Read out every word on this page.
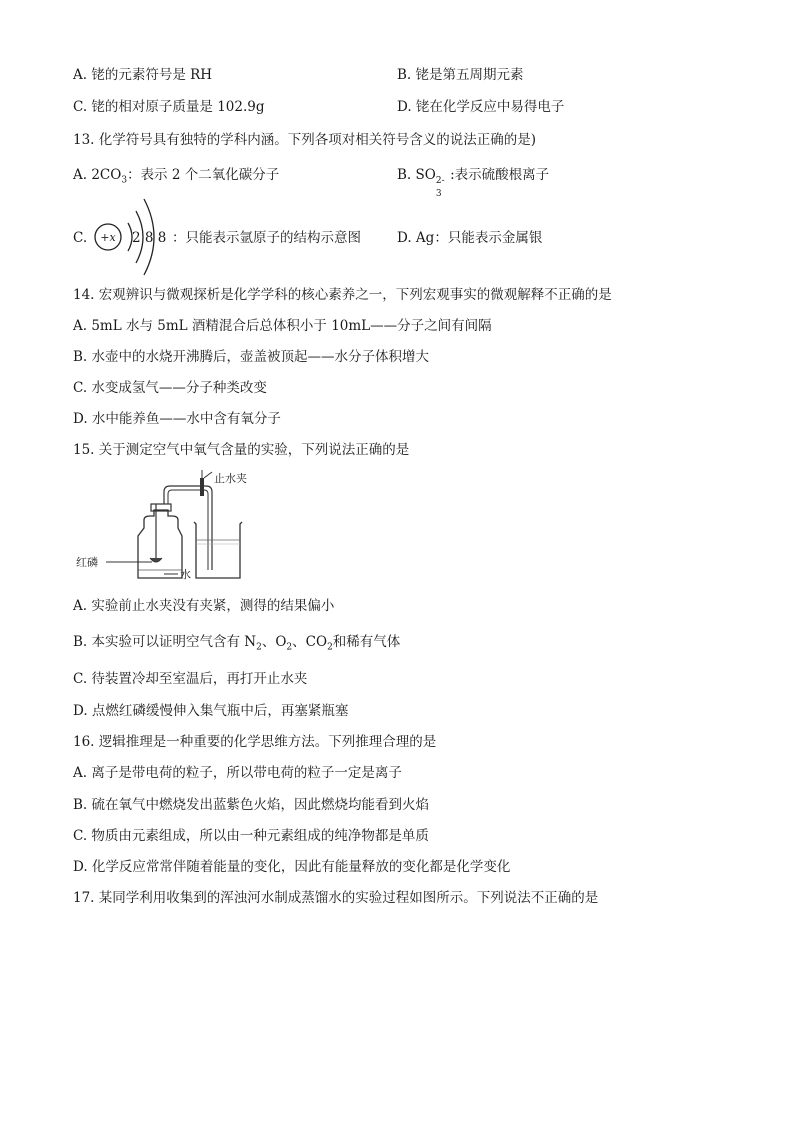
A. 铑的元素符号是 RH	B. 铑是第五周期元素
C. 铑的相对原子质量是 102.9g	D. 铑在化学反应中易得电子
13. 化学符号具有独特的学科内涵。下列各项对相关符号含义的说法正确的是)
A. $2CO_3$：表示 2 个二氧化碳分子	B. SO 2-
3
:表示硫酸根离子
C. +x 2 8 8 ：只能表示氩原子的结构示意图	D. Ag：只能表示金属银
14. 宏观辨识与微观探析是化学学科的核心素养之一，下列宏观事实的微观解释不正确的是
A. 5mL 水与 5mL 酒精混合后总体积小于 10mL——分子之间有间隔
B. 水壶中的水烧开沸腾后，壶盖被顶起——水分子体积增大
C. 水变成氢气——分子种类改变
D. 水中能养鱼——水中含有氧分子
15. 关于测定空气中氧气含量的实验，下列说法正确的是
止水夹
红磷
水
A. 实验前止水夹没有夹紧，测得的结果偏小
B. 本实验可以证明空气含有 $N_2$、$O_2$、$CO_2$和稀有气体
C. 待装置冷却至室温后，再打开止水夹
D. 点燃红磷缓慢伸入集气瓶中后，再塞紧瓶塞
16. 逻辑推理是一种重要的化学思维方法。下列推理合理的是
A. 离子是带电荷的粒子，所以带电荷的粒子一定是离子
B. 硫在氧气中燃烧发出蓝紫色火焰，因此燃烧均能看到火焰
C. 物质由元素组成，所以由一种元素组成的纯净物都是单质
D. 化学反应常常伴随着能量的变化，因此有能量释放的变化都是化学变化
17. 某同学利用收集到的浑浊河水制成蒸馏水的实验过程如图所示。下列说法不正确的是
